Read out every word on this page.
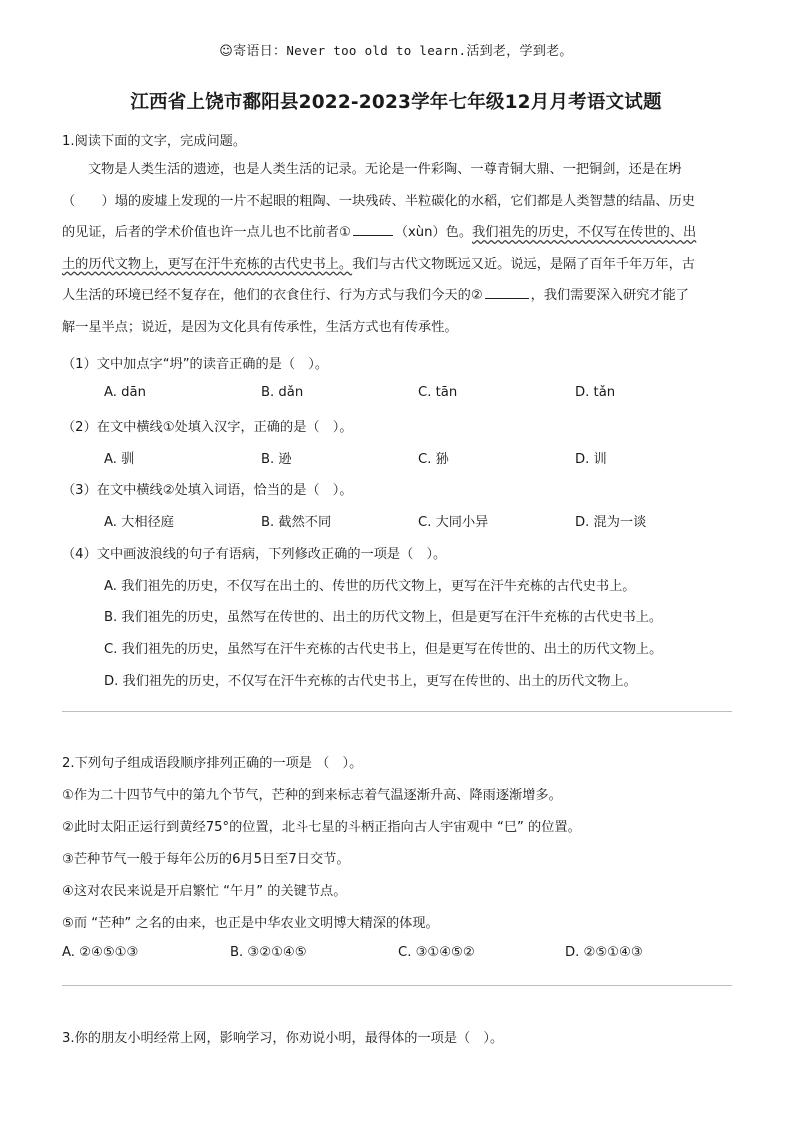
☺寄语日：Never too old to learn.活到老，学到老。
江西省上饶市鄱阳县2022-2023学年七年级12月月考语文试题
1.阅读下面的文字，完成问题。
文物是人类生活的遗迹，也是人类生活的记录。无论是一件彩陶、一尊青铜大鼎、一把铜剑，还是在坍 •
（　　）塌的废墟上发现的一片不起眼的粗陶、一块残砖、半粒碳化的水稻，它们都是人类智慧的结晶、历史
的见证，后者的学术价值也许一点儿也不比前者①	（xùn）色。我们祖先的历史，不仅写在传世的、出
土的历代文物上，更写在汗牛充栋的古代史书上。我们与古代文物既远又近。说远，是隔了百年千年万年，古
人生活的环境已经不复存在，他们的衣食住行、行为方式与我们今天的②	，我们需要深入研究才能了
解一星半点；说近，是因为文化具有传承性，生活方式也有传承性。
（1）文中加点字“坍”的读音正确的是（　）。
A. dān	B. dǎn	C. tān	D. tǎn
（2）在文中横线①处填入汉字，正确的是（　）。
A. 驯	B. 逊	C. 狲	D. 训
（3）在文中横线②处填入词语，恰当的是（　）。
A. 大相径庭	B. 截然不同	C. 大同小异	D. 混为一谈
（4）文中画波浪线的句子有语病，下列修改正确的一项是（　）。
A. 我们祖先的历史，不仅写在出土的、传世的历代文物上，更写在汗牛充栋的古代史书上。
B. 我们祖先的历史，虽然写在传世的、出土的历代文物上，但是更写在汗牛充栋的古代史书上。
C. 我们祖先的历史，虽然写在汗牛充栋的古代史书上，但是更写在传世的、出土的历代文物上。
D. 我们祖先的历史，不仅写在汗牛充栋的古代史书上，更写在传世的、出土的历代文物上。
2.下列句子组成语段顺序排列正确的一项是 （　）。
①作为二十四节气中的第九个节气，芒种的到来标志着气温逐渐升高、降雨逐渐增多。
②此时太阳正运行到黄经75°的位置，北斗七星的斗柄正指向古人宇宙观中 “巳” 的位置。
③芒种节气一般于每年公历的6月5日至7日交节。
④这对农民来说是开启繁忙 “午月” 的关键节点。
⑤而 “芒种” 之名的由来，也正是中华农业文明博大精深的体现。
A. ②④⑤①③	B. ③②①④⑤	C. ③①④⑤②	D. ②⑤①④③
3.你的朋友小明经常上网，影响学习，你劝说小明，最得体的一项是（　）。
